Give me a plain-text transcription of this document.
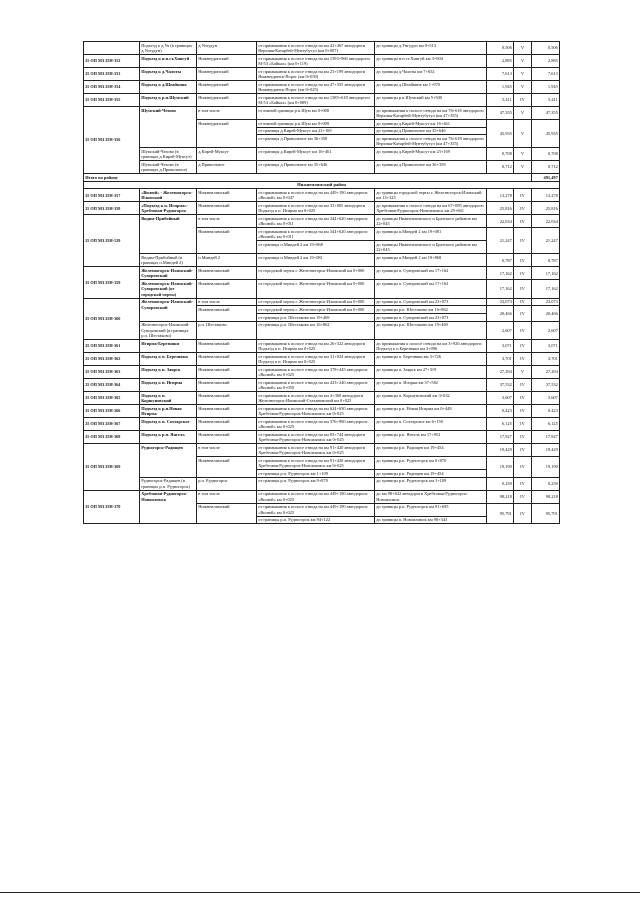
	Подъезд к д.Уя (в границах д.Унгудун)	д.Унгудун	от примыкания к полосе отвода на км 42+467 автодороги Верхняя-Катарбей-Мунтубугул (км 0+007)	до границы д.Унгудун км 0+513	0,506	V	0,506
25 ОП МЗ 25Н-352	Подъезд к н.п.ст.Хингуй	Нижнеудинский	от примыкания к полосе отвода на км 1393+960 автодороги М-53 «Байкал» (км 0+119)	до границы н.п.ст.Хингуй км 3+004	2,885	V	2,885
25 ОП МЗ 25Н-353	Подъезд к д.Чалоты	Нижнеудинский	от примыкания к полосе отвода на км 23+199 автодороги Нижнеудинск-Порог (км 0+039)	до границы д.Чалоты км 7+652	7,613	V	7,613
25 ОП МЗ 25Н-354	Подъезд к д.Шеайкина	Нижнеудинский	от примыкания к полосе отвода на км 47+355 автодороги Нижнеудинск-Порог (км 0+025)	до границы д.Шеайкина км 1+970	1,945	V	1,945
25 ОП МЗ 25Н-355	Подъезд к р.п.Шумский	Нижнеудинский	от примыкания к полосе отвода на км 1385+618 автодороги М-53 «Байкал» (км 0+089)	до границы р.п.Шумский км 5+500	5,411	IV	5,411
25 ОП МЗ 25Н-356	Шумский-Чехово	в том числе	от южной границы р.п.Шум км 0+000	до примыкания к полосе отвода на км 76+618 автодороги Верхняя-Катарбей-Мунтубугул (км 47+355)	47,355	V	47,355
		Нижнеудинский	от южной границы р.п.Шум км 0+009	до границы д.Кирей-Муксут км 16+461	45,935	V	45,935
			от границы д.Кирей-Муксут км 23+169	до границы д.Приволъное км 35+646			
			от границы д.Приволъное км 36+358	до примыкания к полосе отвода на км 76+618 автодороги Верхняя-Катарбей-Мунтубугул (км 47+355)			
	Шумский-Чехово (в границах д.Кирей-Муксут)	д.Кирей-Муксут	от границы д.Кирей-Муксут км 16+461	до границы д.Кирей-Муксут км 23+169	0,708	V	0,708
	Шумский-Чехово (в границах д.Приволъное)	д.Приволъное	от границы д.Приволъное км 35+646	до границы д.Приволъное км 36+358	0,712	V	0,712
Итого по району							491,497
Нижнеилимский район							
25 ОП МЗ 25Н-357	«Вилюй» - Железногорск-Илимский	Нижнеилимский	от примыкания к полосе отвода на км 449+190 автодороги «Вилюй» км 0+047	до границы городской черты г. Железногорск-Илимский км 13+325	13,278	IV	13,278
25 ОП МЗ 25Н-358	«Подъезд к п. Игирма»-Хребтовая-Рудногорск	Нижнеилимский	от примыкания к полосе отвода на км 33+005 автодороги Подъезд к п. Игирма км 0+025	до примыкания к полосе отвода на км 67+085 автодороги Хребтовая-Рудногорск-Новоилимск км 25+841	25,816	IV	25,816
25 ОП МЗ 25Н-129	Видим-Прибойный	в том числе	от примыкания к полосе отвода на км 344+620 автодороги «Вилюй» км 0+011	до границы Нижнеилимского и Братского районов км 22+045	22,034	IV	22,034
		Нижнеилимский	от примыкания к полосе отвода на км 344+620 автодороги «Вилюй» км 0+011	до границы п.Миндей 2 км 19+081	21,247	IV	21,247
			от границы п.Миндей 2 км 19+868	до границы Нижнеилимского и Братского районов км 22+045			
	Видим-Прибойный (в границах п.Миндей 2)	п.Миндей 2	от границы п.Миндей 2 км 19+081	до границы п.Миндей 2 км 19+868	0,787	IV	0,787
25 ОП МЗ 25Н-359	Железногорск-Илимский-Суворовский	Нижнеилимский	от городской черты г. Железногорск-Илимский км 0+000	до границы п. Суворовский км 17+162	17,162	IV	17,162
	Железногорск-Илимский-Суворовский (от городской черты)	Нижнеилимский	от городской черты г. Железногорск-Илимский км 0+000	до границы п. Суворовский км 17+162	17,162	IV	17,162
25 ОП МЗ 25Н-360	Железногорск-Илимский-Суворовский	в том числе	от городской черты г. Железногорск-Илимский км 0+000	до границы п. Суворовский км 23+073	23,073	IV	23,073
		Нижнеилимский	от городской черты г. Железногорск-Илимский км 0+000	до границы р.п. Шестаково км 16+862	20,466	IV	20,466
			от границы р.п. Шестаково км 19+469	до границы п. Суворовский км 23+073			
	Железногорск-Илимский-Суворовский (в границах р.п. Шестаково)	р.п. Шестаково	от границы р.п. Шестаково км 16+862	до границы р.п. Шестаково км 19+469	2,607	IV	2,607
25 ОП МЗ 25Н-361	Игирма-Березняки	Нижнеилимский	от примыкания к полосе отвода на км 26+322 автодороги Подъезд к п. Игирма км 0+025	до примыкания к полосе отвода на км 3+926 автодороги Подъезд к п.Березняки км 3+096	3,071	IV	3,071
25 ОП МЗ 25Н-362	Подъезд к п. Березняки	Нижнеилимский	от примыкания к полосе отвода на км 31+024 автодороги Подъезд к п. Игирма км 0+025	до границы п. Березняки км 3+726	3,701	IV	3,701
25 ОП МЗ 25Н-363	Подъезд к п. Заярск	Нижнеилимский	от примыкания к полосе отвода на км 378+445 автодороги «Вилюй» км 0+025	до границы п. Заярск км 27+319	27,294	V	27,294
25 ОП МЗ 25Н-364	Подъезд к п. Игирма	Нижнеилимский	от примыкания к полосе отвода на км 423+240 автодороги «Вилюй» км 0+050	до границы п. Игирма км 37+582	37,532	IV	37,532
25 ОП МЗ 25Н-365	Подъезд к п. Коршуновский	Нижнеилимский	от примыкания к полосе отвода на км 4+360 автодороги Железногорск-Илимский-Стахановский км 0+025	до границы п. Коршуновский км 3+632	3,607	IV	3,607
25 ОП МЗ 25Н-366	Подъезд к р.п.Новая Игирма	Нижнеилимский	от примыкания к полосе отвода на км 624+630 автодороги Хребтовая-Рудногорск-Новоилимск км 0+025	до границы р.п. Новая Игирма км 0+448	0,423	IV	0,423
25 ОП МЗ 25Н-367	Подъезд к п. Сохтарское	Нижнеилимский	от примыкания к полосе отвода на км 376+900 автодороги «Вилюй» км 0+025	до границы п. Сохтарское км 6+150	6,125	IV	6,125
25 ОП МЗ 25Н-368	Подъезд к р.п. Янгель	Нижнеилимский	от примыкания к полосе отвода на км 83+744 автодороги Хребтовая-Рудногорск-Новоилимск км 0+025	до границы р.п. Янгель км 17+952	17,927	IV	17,927
25 ОП МЗ 25Н-369	Рудногорск-Радищев	в том числе	от примыкания к полосе отвода на км 91+420 автодороги Хребтовая-Рудногорск-Новоилимск км 0+025	до границы р.п. Радищев км 19+454	19,429	IV	19,429
		Нижнеилимский	от примыкания к полосе отвода на км 91+420 автодороги Хребтовая-Рудногорск-Новоилимск км 0+025	до границы р.п. Рудногорск км 0+870	19,190	IV	19,190
			от границы р.п. Рудногорск км 1+109	до границы р.п. Радищев км 19+454			
	Рудногорск-Радищев (в границах р.п. Рудногорск)	р.п. Рудногорск	от границы р.п. Рудногорск км 0+870	до границы р.п. Рудногорск км 1+109	0,239	IV	0,239
25 ОП МЗ 25Н-370	Хребтовая-Рудногорск-Новоилимск	в том числе	от примыкания к полосе отвода на км 449+190 автодороги «Вилюй» км 0+025	до км 98+642 автодороги Хребтовая-Рудногорск-Новоилимск	98,218	IV	98,218
		Нижнеилимский	от примыкания к полосе отвода на км 449+190 автодороги «Вилюй» км 0+025	до границы р.п. Рудногорск км 91+695	95,791	IV	95,791
			от границы р.п. Рудногорск км 94+122	до границы п. Новоилимск км 98+343			
